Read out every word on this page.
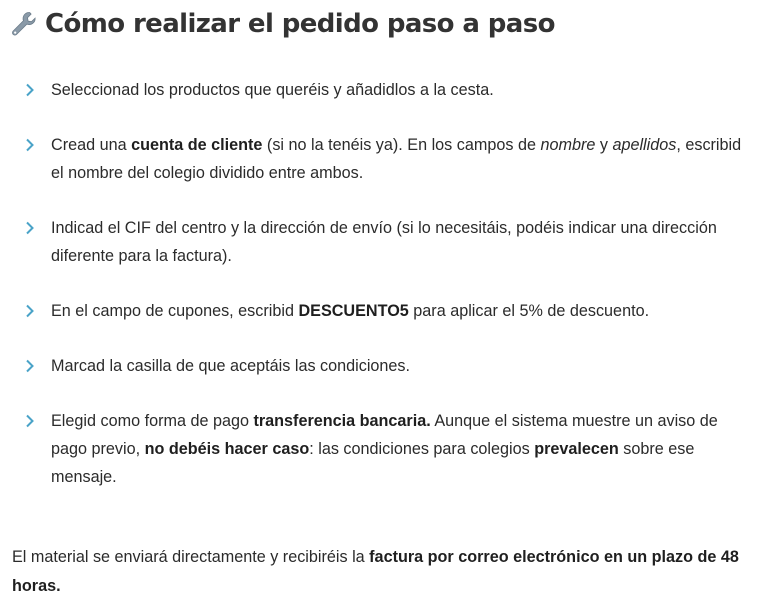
Cómo realizar el pedido paso a paso
Seleccionad los productos que queréis y añadidlos a la cesta.
Cread una cuenta de cliente (si no la tenéis ya). En los campos de nombre y apellidos, escribid el nombre del colegio dividido entre ambos.
Indicad el CIF del centro y la dirección de envío (si lo necesitáis, podéis indicar una dirección diferente para la factura).
En el campo de cupones, escribid DESCUENTO5 para aplicar el 5% de descuento.
Marcad la casilla de que aceptáis las condiciones.
Elegid como forma de pago transferencia bancaria. Aunque el sistema muestre un aviso de pago previo, no debéis hacer caso: las condiciones para colegios prevalecen sobre ese mensaje.

El material se enviará directamente y recibiréis la factura por correo electrónico en un plazo de 48 horas.
